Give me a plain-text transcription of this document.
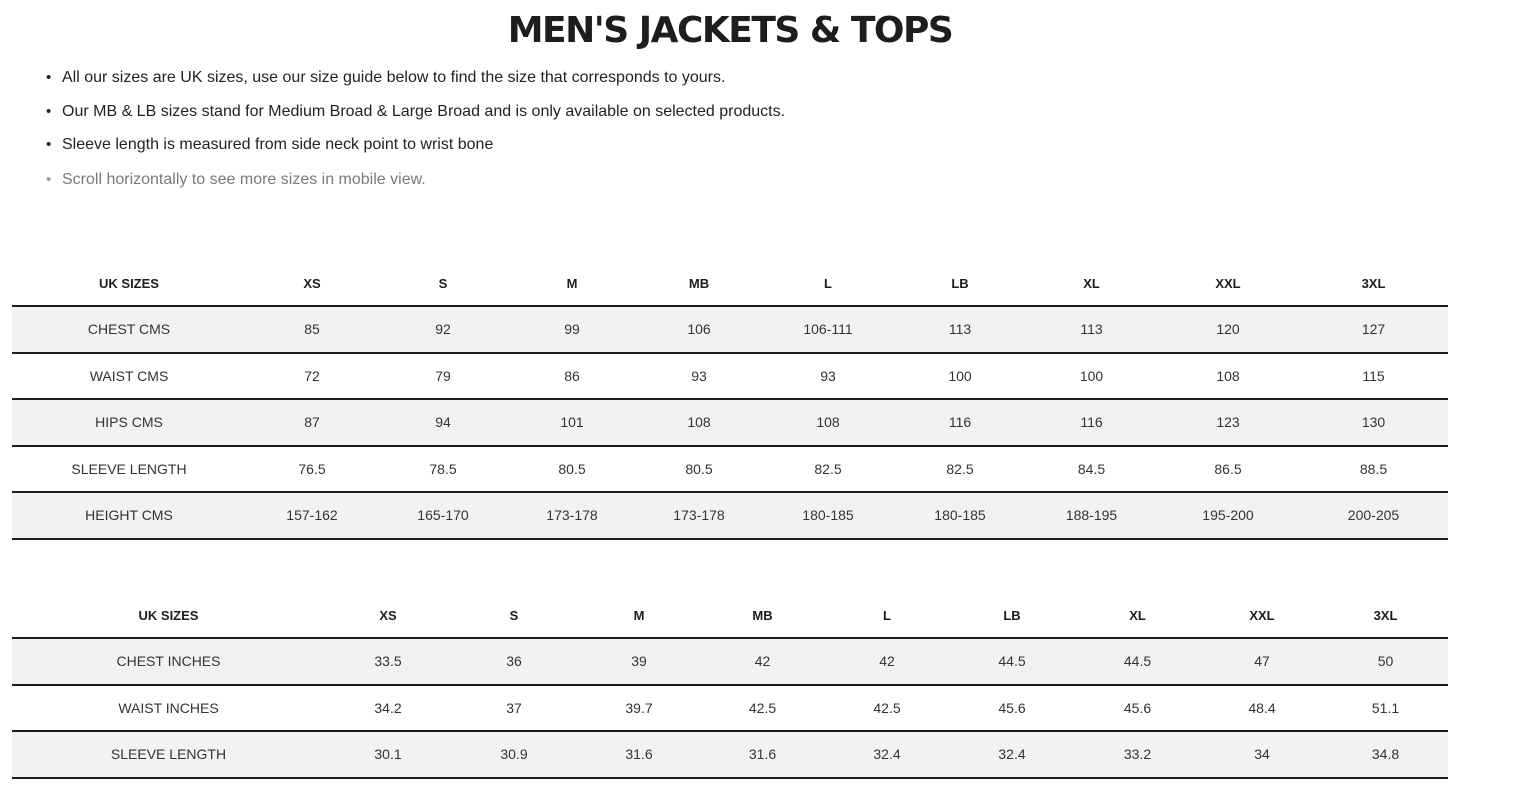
MEN'S JACKETS & TOPS
• All our sizes are UK sizes, use our size guide below to find the size that corresponds to yours.
• Our MB & LB sizes stand for Medium Broad & Large Broad and is only available on selected products.
• Sleeve length is measured from side neck point to wrist bone
• Scroll horizontally to see more sizes in mobile view.
UK SIZES	XS	S	M	MB	L	LB	XL	XXL	3XL
CHEST CMS	85	92	99	106	106-111	113	113	120	127
WAIST CMS	72	79	86	93	93	100	100	108	115
HIPS CMS	87	94	101	108	108	116	116	123	130
SLEEVE LENGTH	76.5	78.5	80.5	80.5	82.5	82.5	84.5	86.5	88.5
HEIGHT CMS	157-162	165-170	173-178	173-178	180-185	180-185	188-195	195-200	200-205
UK SIZES	XS	S	M	MB	L	LB	XL	XXL	3XL
CHEST INCHES	33.5	36	39	42	42	44.5	44.5	47	50
WAIST INCHES	34.2	37	39.7	42.5	42.5	45.6	45.6	48.4	51.1
SLEEVE LENGTH	30.1	30.9	31.6	31.6	32.4	32.4	33.2	34	34.8
